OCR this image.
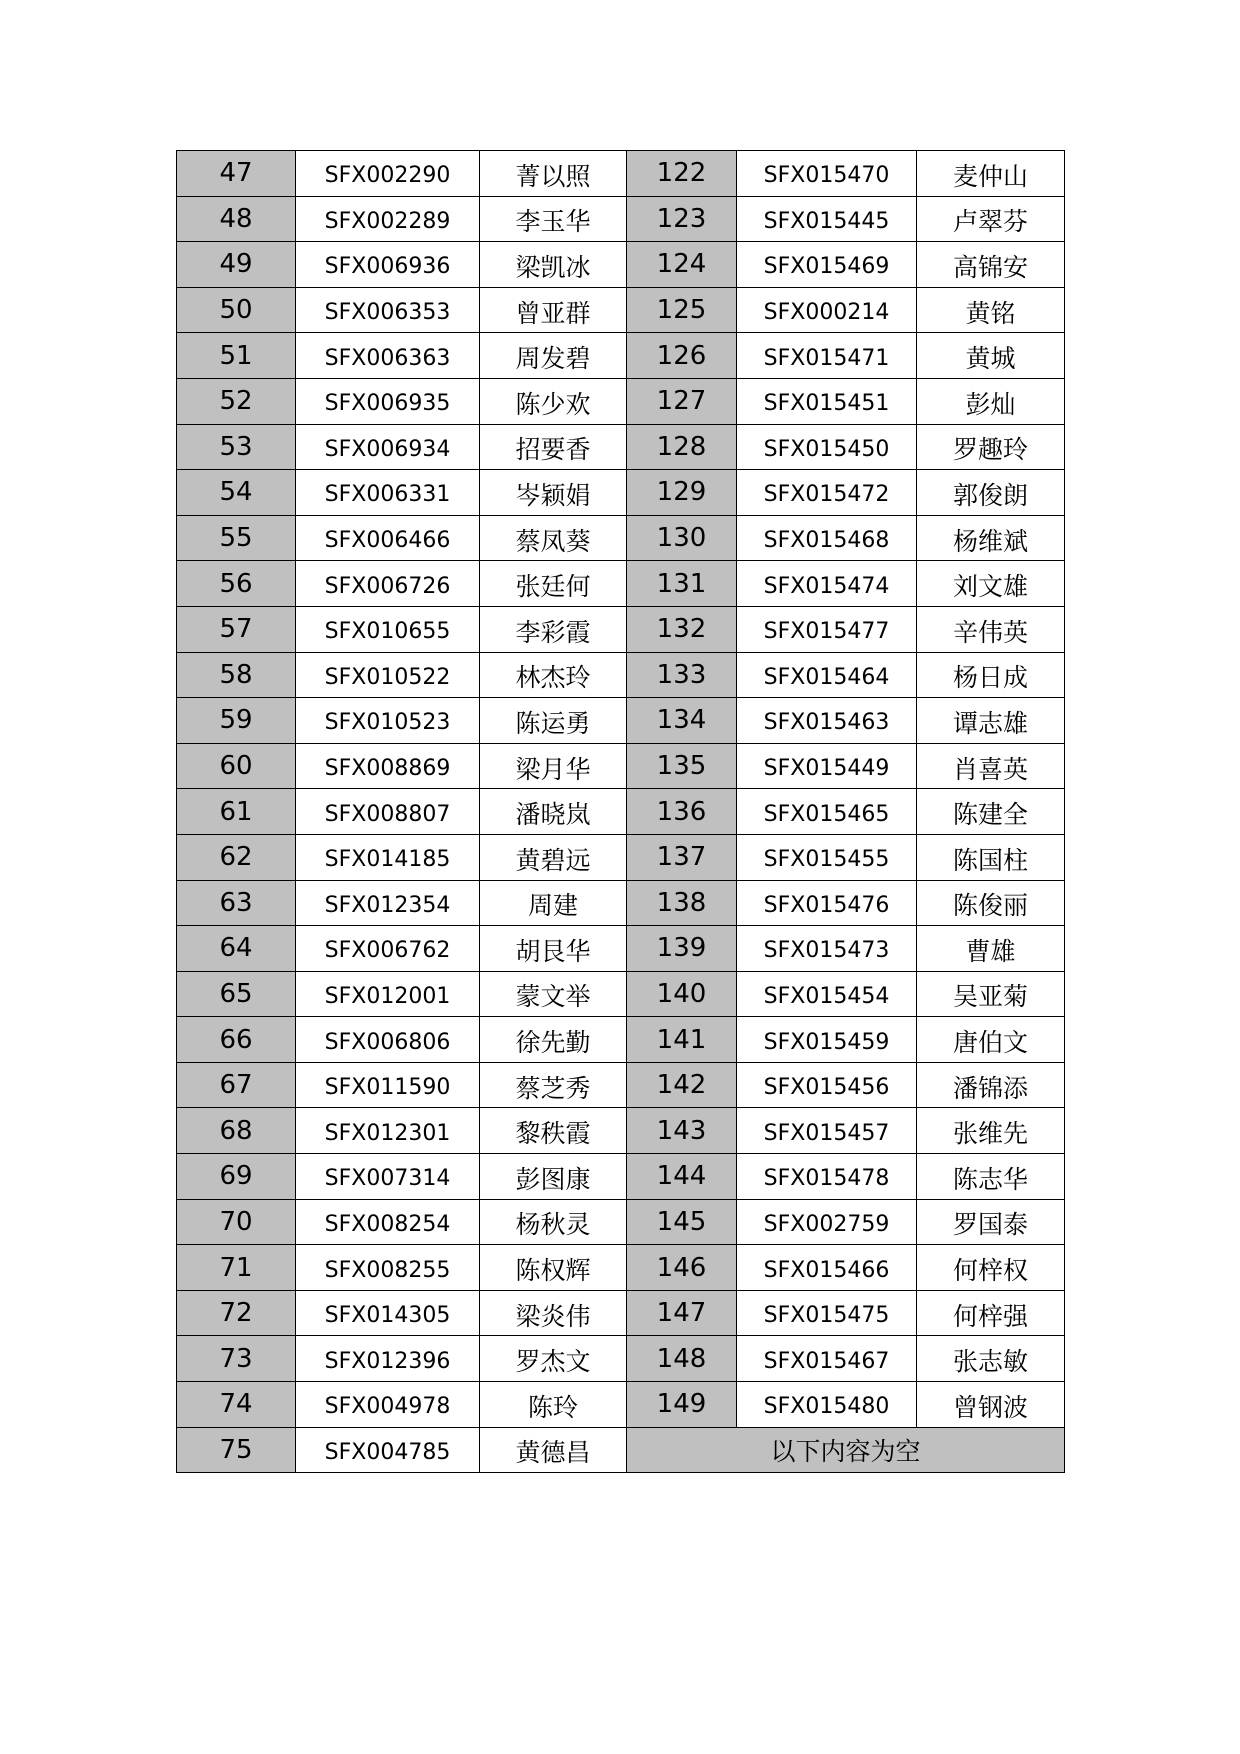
47	SFX002290	菁以照	122	SFX015470	麦仲山
48	SFX002289	李玉华	123	SFX015445	卢翠芬
49	SFX006936	梁凯冰	124	SFX015469	高锦安
50	SFX006353	曾亚群	125	SFX000214	黄铭
51	SFX006363	周发碧	126	SFX015471	黄城
52	SFX006935	陈少欢	127	SFX015451	彭灿
53	SFX006934	招要香	128	SFX015450	罗趣玲
54	SFX006331	岑颖娟	129	SFX015472	郭俊朗
55	SFX006466	蔡凤葵	130	SFX015468	杨维斌
56	SFX006726	张廷何	131	SFX015474	刘文雄
57	SFX010655	李彩霞	132	SFX015477	辛伟英
58	SFX010522	林杰玲	133	SFX015464	杨日成
59	SFX010523	陈运勇	134	SFX015463	谭志雄
60	SFX008869	梁月华	135	SFX015449	肖喜英
61	SFX008807	潘晓岚	136	SFX015465	陈建全
62	SFX014185	黄碧远	137	SFX015455	陈国柱
63	SFX012354	周建	138	SFX015476	陈俊丽
64	SFX006762	胡艮华	139	SFX015473	曹雄
65	SFX012001	蒙文举	140	SFX015454	吴亚菊
66	SFX006806	徐先勤	141	SFX015459	唐伯文
67	SFX011590	蔡芝秀	142	SFX015456	潘锦添
68	SFX012301	黎秩霞	143	SFX015457	张维先
69	SFX007314	彭图康	144	SFX015478	陈志华
70	SFX008254	杨秋灵	145	SFX002759	罗国泰
71	SFX008255	陈权辉	146	SFX015466	何梓权
72	SFX014305	梁炎伟	147	SFX015475	何梓强
73	SFX012396	罗杰文	148	SFX015467	张志敏
74	SFX004978	陈玲	149	SFX015480	曾钢波
75	SFX004785	黄德昌	以下内容为空		
